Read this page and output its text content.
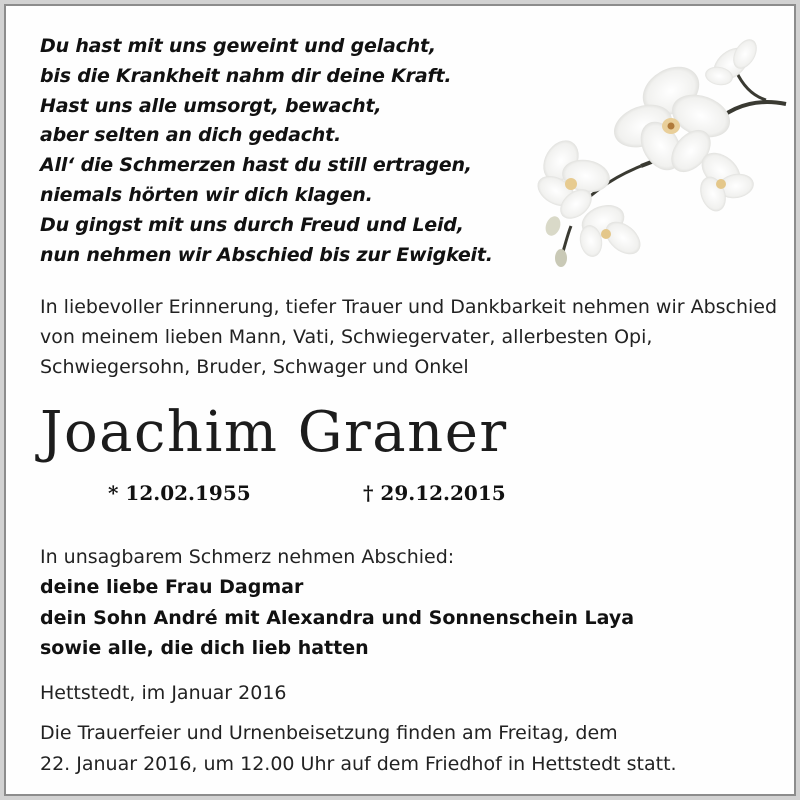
Du hast mit uns geweint und gelacht,
bis die Krankheit nahm dir deine Kraft.
Hast uns alle umsorgt, bewacht,
aber selten an dich gedacht.
All‘ die Schmerzen hast du still ertragen,
niemals hörten wir dich klagen.
Du gingst mit uns durch Freud und Leid,
nun nehmen wir Abschied bis zur Ewigkeit.

In liebevoller Erinnerung, tiefer Trauer und Dankbarkeit nehmen wir Abschied von meinem lieben Mann, Vati, Schwiegervater, allerbesten Opi, Schwiegersohn, Bruder, Schwager und Onkel

Joachim Graner
* 12.02.1955	† 29.12.2015
In unsagbarem Schmerz nehmen Abschied:
deine liebe Frau Dagmar
dein Sohn André mit Alexandra und Sonnenschein Laya
sowie alle, die dich lieb hatten
Hettstedt, im Januar 2016

Die Trauerfeier und Urnenbeisetzung finden am Freitag, dem
22. Januar 2016, um 12.00 Uhr auf dem Friedhof in Hettstedt statt.
